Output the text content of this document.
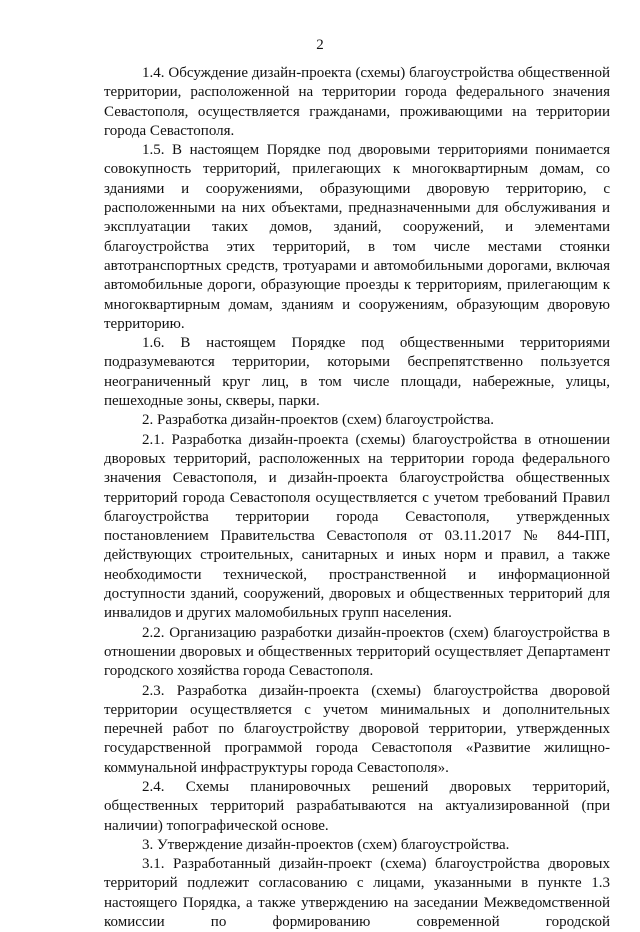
2

1.4. Обсуждение дизайн-проекта (схемы) благоустройства общественной территории, расположенной на территории города федерального значения Севастополя, осуществляется гражданами, проживающими на территории города Севастополя.

1.5. В настоящем Порядке под дворовыми территориями понимается совокупность территорий, прилегающих к многоквартирным домам, со зданиями и сооружениями, образующими дворовую территорию, с расположенными на них объектами, предназначенными для обслуживания и эксплуатации таких домов, зданий, сооружений, и элементами благоустройства этих территорий, в том числе местами стоянки автотранспортных средств, тротуарами и автомобильными дорогами, включая автомобильные дороги, образующие проезды к территориям, прилегающим к многоквартирным домам, зданиям и сооружениям, образующим дворовую территорию.

1.6. В настоящем Порядке под общественными территориями подразумеваются территории, которыми беспрепятственно пользуется неограниченный круг лиц, в том числе площади, набережные, улицы, пешеходные зоны, скверы, парки.

2. Разработка дизайн-проектов (схем) благоустройства.

2.1. Разработка дизайн-проекта (схемы) благоустройства в отношении дворовых территорий, расположенных на территории города федерального значения Севастополя, и дизайн-проекта благоустройства общественных территорий города Севастополя осуществляется с учетом требований Правил благоустройства территории города Севастополя, утвержденных постановлением Правительства Севастополя от 03.11.2017 № 844-ПП, действующих строительных, санитарных и иных норм и правил, а также необходимости технической, пространственной и информационной доступности зданий, сооружений, дворовых и общественных территорий для инвалидов и других маломобильных групп населения.

2.2. Организацию разработки дизайн-проектов (схем) благоустройства в отношении дворовых и общественных территорий осуществляет Департамент городского хозяйства города Севастополя.

2.3. Разработка дизайн-проекта (схемы) благоустройства дворовой территории осуществляется с учетом минимальных и дополнительных перечней работ по благоустройству дворовой территории, утвержденных государственной программой города Севастополя «Развитие жилищно-коммунальной инфраструктуры города Севастополя».

2.4. Схемы планировочных решений дворовых территорий, общественных территорий разрабатываются на актуализированной (при наличии) топографической основе.

3. Утверждение дизайн-проектов (схем) благоустройства.

3.1. Разработанный дизайн-проект (схема) благоустройства дворовых территорий подлежит согласованию с лицами, указанными в пункте 1.3 настоящего Порядка, а также утверждению на заседании Межведомственной комиссии по формированию современной городской
